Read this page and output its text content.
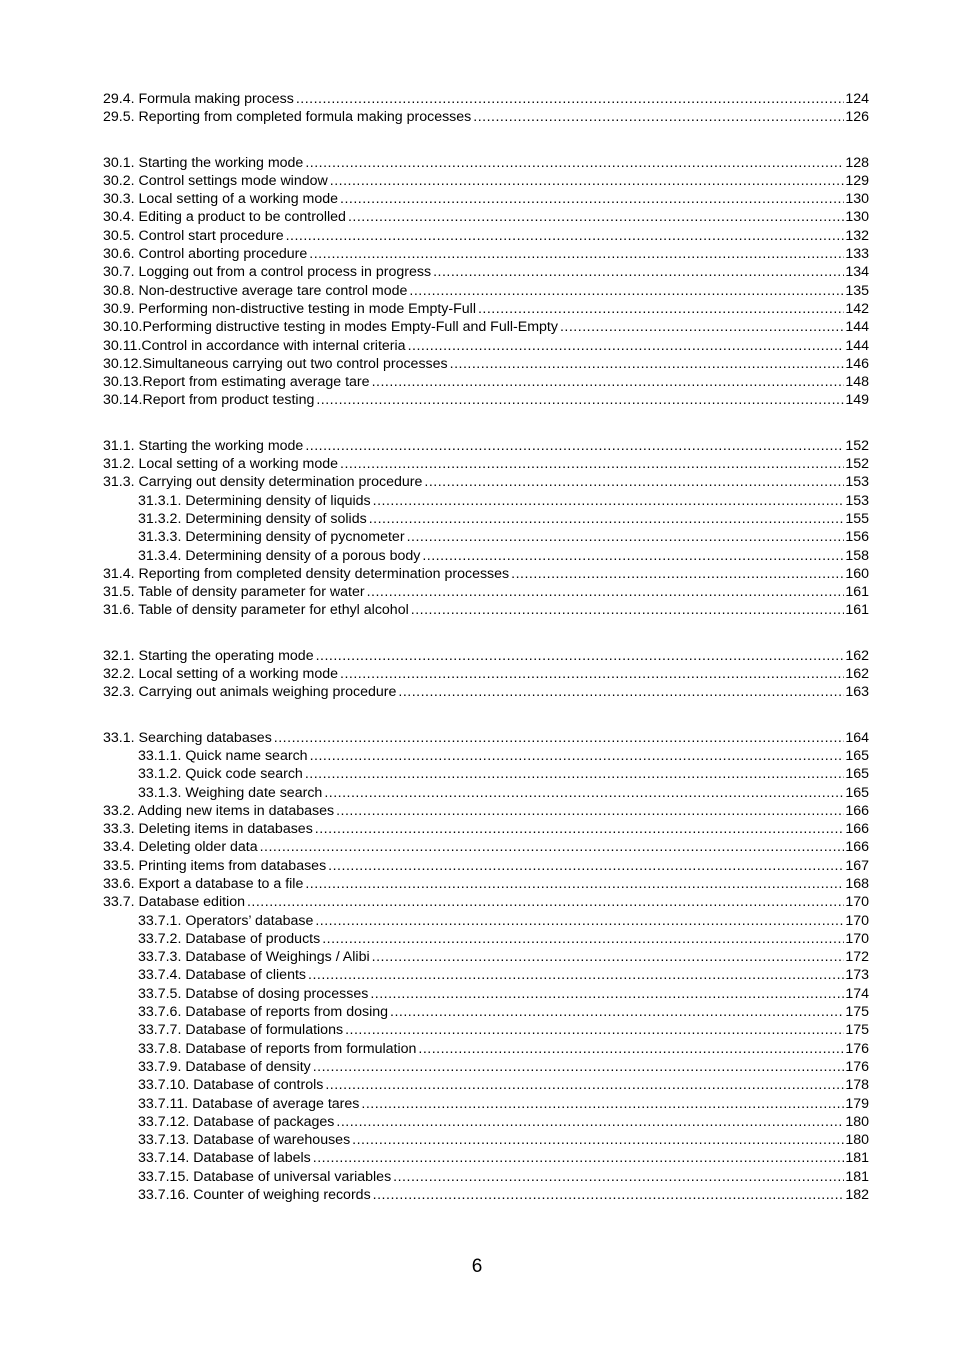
29.4. Formula making process .....	124
29.5. Reporting from completed formula making processes .....	126
30.1. Starting the working mode .....	128
30.2. Control settings mode window .....	129
30.3. Local setting of a working mode .....	130
30.4. Editing a product to be controlled .....	130
30.5. Control start procedure .....	132
30.6. Control aborting procedure .....	133
30.7. Logging out from a control process in progress .....	134
30.8. Non-destructive average tare control mode .....	135
30.9. Performing non-distructive testing in mode Empty-Full .....	142
30.10.Performing distructive testing in modes Empty-Full and Full-Empty .....	144
30.11.Control in accordance with internal criteria .....	144
30.12.Simultaneous carrying out two control processes .....	146
30.13.Report from estimating average tare .....	148
30.14.Report from product testing .....	149
31.1. Starting the working mode .....	152
31.2. Local setting of a working mode .....	152
31.3. Carrying out density determination procedure .....	153
31.3.1. Determining density of liquids .....	153
31.3.2. Determining density of solids .....	155
31.3.3. Determining density of pycnometer .....	156
31.3.4. Determining density of a porous body .....	158
31.4. Reporting from completed density determination processes .....	160
31.5. Table of density parameter for water .....	161
31.6. Table of density parameter for ethyl alcohol .....	161
32.1. Starting the operating mode .....	162
32.2. Local setting of a working mode .....	162
32.3. Carrying out animals weighing procedure .....	163
33.1. Searching databases .....	164
33.1.1. Quick name search .....	165
33.1.2. Quick code search .....	165
33.1.3. Weighing date search .....	165
33.2. Adding new items in databases .....	166
33.3. Deleting items in databases .....	166
33.4. Deleting older data .....	166
33.5. Printing items from databases .....	167
33.6. Export a database to a file .....	168
33.7. Database edition .....	170
33.7.1. Operators’ database .....	170
33.7.2. Database of products .....	170
33.7.3. Database of Weighings / Alibi .....	172
33.7.4. Database of clients .....	173
33.7.5. Databse of dosing processes .....	174
33.7.6. Database of reports from dosing .....	175
33.7.7. Database of formulations .....	175
33.7.8. Database of reports from formulation .....	176
33.7.9. Database of density .....	176
33.7.10. Database of controls .....	178
33.7.11. Database of average tares .....	179
33.7.12. Database of packages .....	180
33.7.13. Database of warehouses .....	180
33.7.14. Database of labels .....	181
33.7.15. Database of universal variables .....	181
33.7.16. Counter of weighing records .....	182
6
